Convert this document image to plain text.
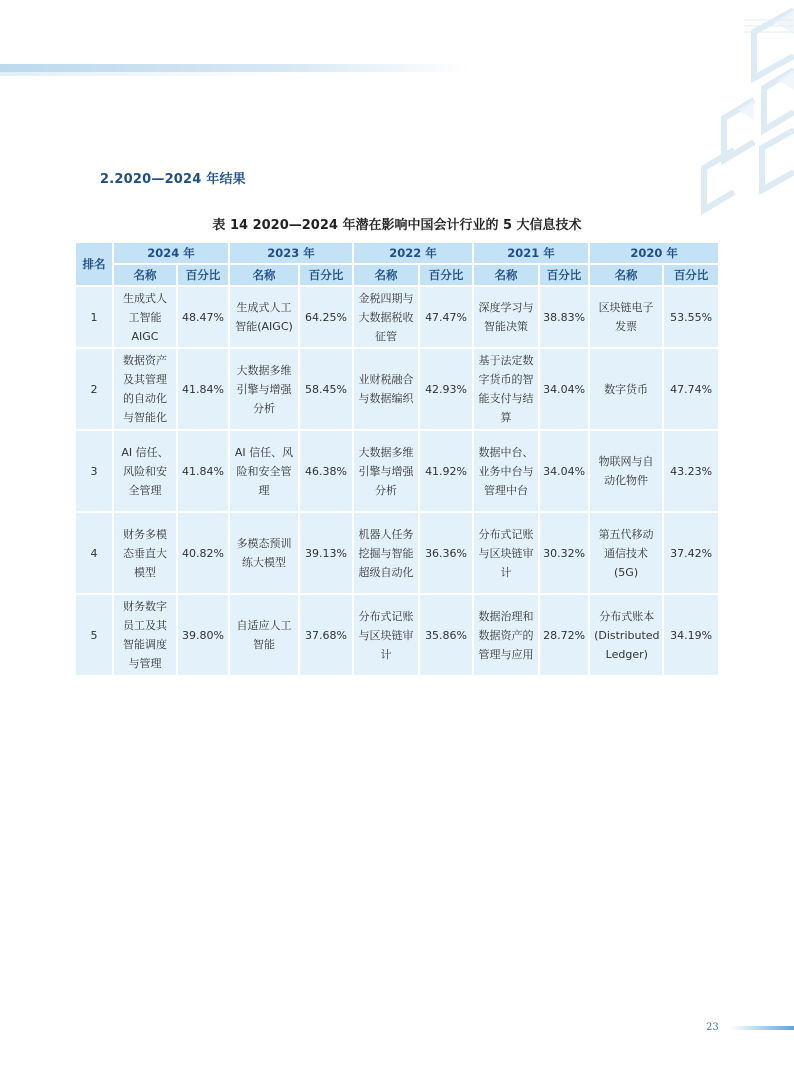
2.2020—2024 年结果
表 14 2020—2024 年潜在影响中国会计行业的 5 大信息技术
排名	2024 年		2023 年		2022 年		2021 年		2020 年	
	名称	百分比	名称	百分比	名称	百分比	名称	百分比	名称	百分比
1	生成式人工智能AIGC	48.47%	生成式人工智能(AIGC)	64.25%	金税四期与大数据税收征管	47.47%	深度学习与智能决策	38.83%	区块链电子发票	53.55%
2	数据资产及其管理的自动化与智能化	41.84%	大数据多维引擎与增强分析	58.45%	业财税融合与数据编织	42.93%	基于法定数字货币的智能支付与结算	34.04%	数字货币	47.74%
3	AI 信任、风险和安全管理	41.84%	AI 信任、风险和安全管理	46.38%	大数据多维引擎与增强分析	41.92%	数据中台、业务中台与管理中台	34.04%	物联网与自动化物件	43.23%
4	财务多模态垂直大模型	40.82%	多模态预训练大模型	39.13%	机器人任务挖掘与智能超级自动化	36.36%	分布式记账与区块链审计	30.32%	第五代移动通信技术(5G)	37.42%
5	财务数字员工及其智能调度与管理	39.80%	自适应人工智能	37.68%	分布式记账与区块链审计	35.86%	数据治理和数据资产的管理与应用	28.72%	分布式账本(Distributed Ledger)	34.19%
23
